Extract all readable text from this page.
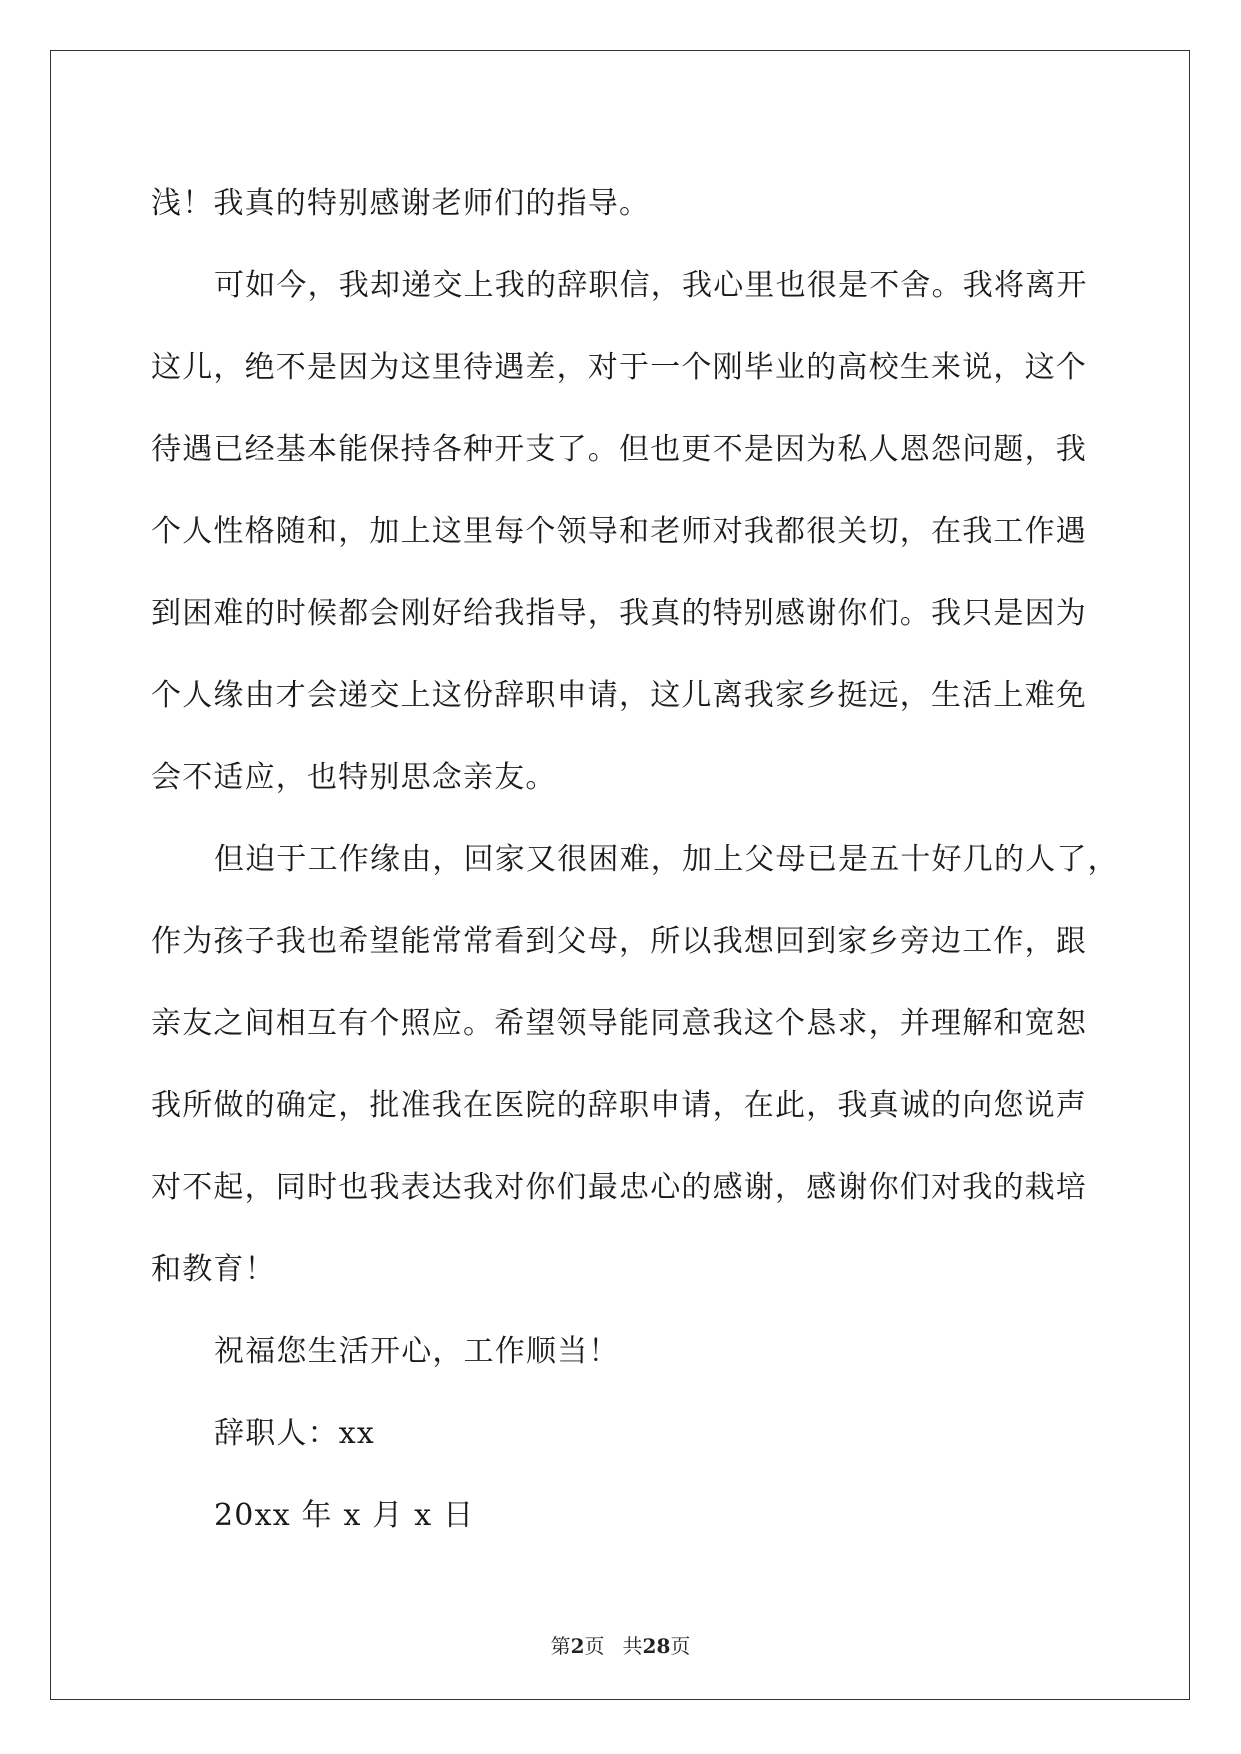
浅！我真的特别感谢老师们的指导。
可如今，我却递交上我的辞职信，我心里也很是不舍。我将离开
这儿，绝不是因为这里待遇差，对于一个刚毕业的高校生来说，这个
待遇已经基本能保持各种开支了。但也更不是因为私人恩怨问题，我
个人性格随和，加上这里每个领导和老师对我都很关切，在我工作遇
到困难的时候都会刚好给我指导，我真的特别感谢你们。我只是因为
个人缘由才会递交上这份辞职申请，这儿离我家乡挺远，生活上难免
会不适应，也特别思念亲友。
但迫于工作缘由，回家又很困难，加上父母已是五十好几的人了，
作为孩子我也希望能常常看到父母，所以我想回到家乡旁边工作，跟
亲友之间相互有个照应。希望领导能同意我这个恳求，并理解和宽恕
我所做的确定，批准我在医院的辞职申请，在此，我真诚的向您说声
对不起，同时也我表达我对你们最忠心的感谢，感谢你们对我的栽培
和教育！
祝福您生活开心，工作顺当！
辞职人：xx
20xx 年 x 月 x 日
第2页 共28页
